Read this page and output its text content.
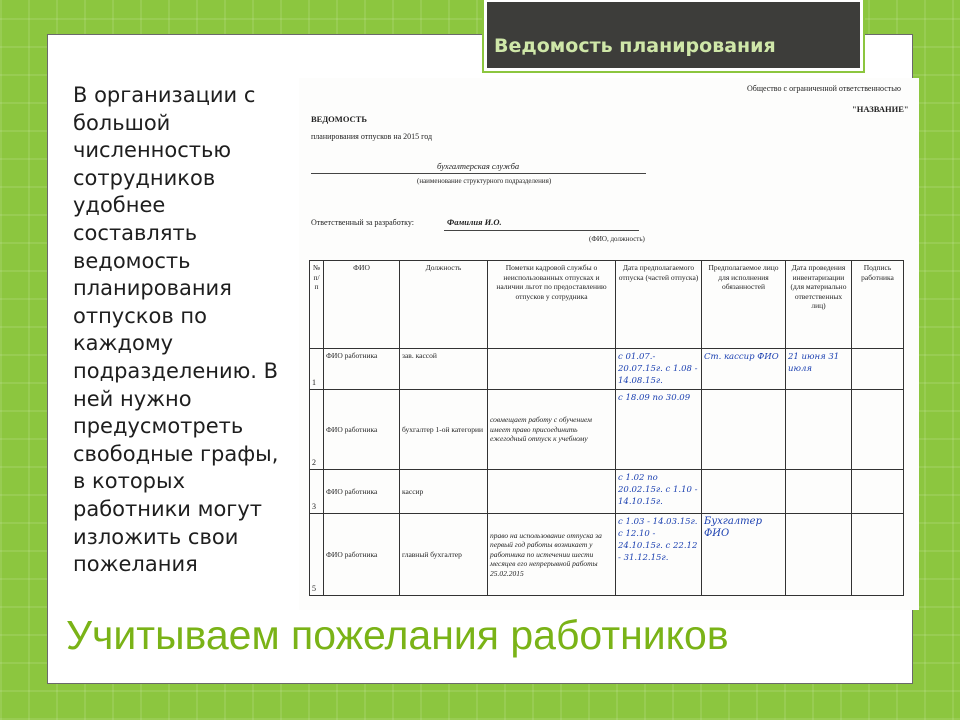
Ведомость планирования
В организации с большой численностью сотрудников удобнее составлять ведомость планирования отпусков по каждому подразделению. В ней нужно предусмотреть свободные графы, в которых работники могут изложить свои пожелания
Общество с ограниченной ответственностью
"НАЗВАНИЕ"
ВЕДОМОСТЬ
планирования отпусков на 2015 год
бухгалтерская служба
(наименование структурного подразделения)
Ответственный за разработку:	Фамилия И.О.
(ФИО, должность)
№ п/п	ФИО	Должность	Пометки кадровой службы о неиспользованных отпусках и наличии льгот по предоставлению отпусков у сотрудника	Дата предполагаемого отпуска (частей отпуска)	Предполагаемое лицо для исполнения обязанностей	Дата проведения инвентаризации (для материально ответственных лиц)	Подпись работника
1	ФИО работника	зав. кассой		с 01.07.- 20.07.15г. с 1.08 - 14.08.15г.	Ст. кассир ФИО	21 июня 31 июля	
2	ФИО работника	бухгалтер 1-ой категории	совмещает работу с обучением имеет право присоединить ежегодный отпуск к учебному	с 18.09 по 30.09			
3	ФИО работника	кассир		с 1.02 по 20.02.15г. с 1.10 - 14.10.15г.			
5	ФИО работника	главный бухгалтер	право на использование отпуска за первый год работы возникает у работника по истечении шести месяцев его непрерывной работы 25.02.2015	с 1.03 - 14.03.15г. с 12.10 - 24.10.15г. с 22.12 - 31.12.15г.	Бухгалтер ФИО		
Учитываем пожелания работников
